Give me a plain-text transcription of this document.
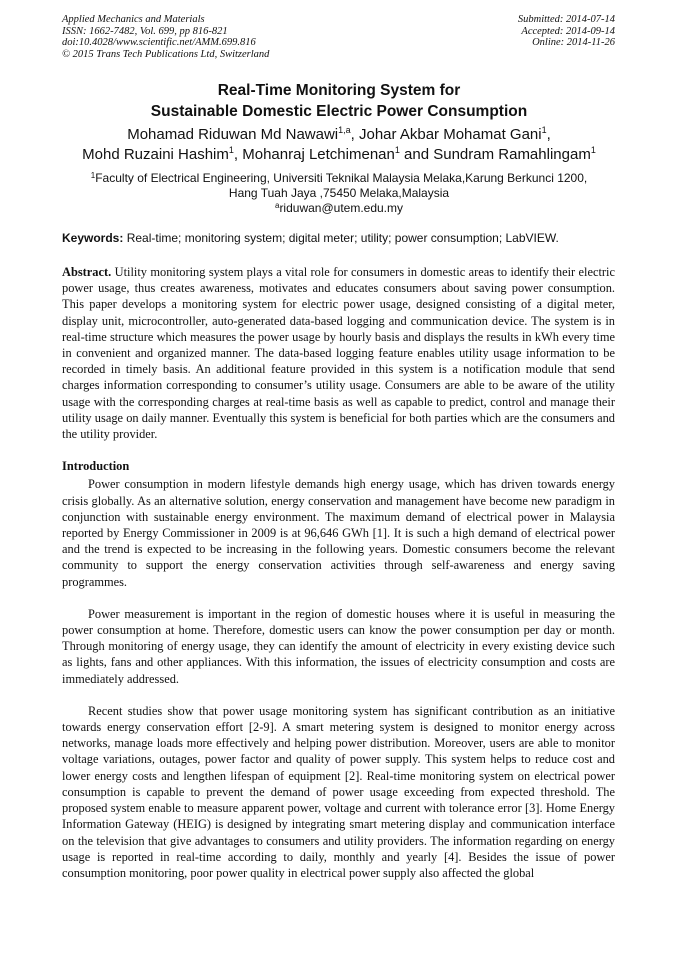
Applied Mechanics and Materials
ISSN: 1662-7482, Vol. 699, pp 816-821
doi:10.4028/www.scientific.net/AMM.699.816
© 2015 Trans Tech Publications Ltd, Switzerland
Submitted: 2014-07-14
Accepted: 2014-09-14
Online: 2014-11-26
Real-Time Monitoring System for
Sustainable Domestic Electric Power Consumption
Mohamad Riduwan Md Nawawi$^{1,a}$, Johar Akbar Mohamat Gani$^1$,
Mohd Ruzaini Hashim$^1$, Mohanraj Letchimenan$^1$ and Sundram Ramahlingam$^1$
$^1$Faculty of Electrical Engineering, Universiti Teknikal Malaysia Melaka,Karung Berkunci 1200,
Hang Tuah Jaya ,75450 Melaka,Malaysia
$^a$riduwan@utem.edu.my
Keywords: Real-time; monitoring system; digital meter; utility; power consumption; LabVIEW.

Abstract. Utility monitoring system plays a vital role for consumers in domestic areas to identify their electric power usage, thus creates awareness, motivates and educates consumers about saving power consumption. This paper develops a monitoring system for electric power usage, designed consisting of a digital meter, display unit, microcontroller, auto-generated data-based logging and communication device. The system is in real-time structure which measures the power usage by hourly basis and displays the results in kWh every time in convenient and organized manner. The data-based logging feature enables utility usage information to be recorded in timely basis. An additional feature provided in this system is a notification module that send charges information corresponding to consumer’s utility usage. Consumers are able to be aware of the utility usage with the corresponding charges at real-time basis as well as capable to predict, control and manage their utility usage on daily manner. Eventually this system is beneficial for both parties which are the consumers and the utility provider.

Introduction

Power consumption in modern lifestyle demands high energy usage, which has driven towards energy crisis globally. As an alternative solution, energy conservation and management have become new paradigm in conjunction with sustainable energy environment. The maximum demand of electrical power in Malaysia reported by Energy Commissioner in 2009 is at 96,646 GWh [1]. It is such a high demand of electrical power and the trend is expected to be increasing in the following years. Domestic consumers become the relevant community to support the energy conservation activities through self-awareness and energy saving programmes.

Power measurement is important in the region of domestic houses where it is useful in measuring the power consumption at home. Therefore, domestic users can know the power consumption per day or month. Through monitoring of energy usage, they can identify the amount of electricity in every existing device such as lights, fans and other appliances. With this information, the issues of electricity consumption and costs are immediately addressed.

Recent studies show that power usage monitoring system has significant contribution as an initiative towards energy conservation effort [2-9]. A smart metering system is designed to monitor energy across networks, manage loads more effectively and helping power distribution. Moreover, users are able to monitor voltage variations, outages, power factor and quality of power supply. This system helps to reduce cost and lower energy costs and lengthen lifespan of equipment [2]. Real-time monitoring system on electrical power consumption is capable to prevent the demand of power usage exceeding from expected threshold. The proposed system enable to measure apparent power, voltage and current with tolerance error [3]. Home Energy Information Gateway (HEIG) is designed by integrating smart metering display and communication interface on the television that give advantages to consumers and utility providers. The information regarding on energy usage is reported in real-time according to daily, monthly and yearly [4]. Besides the issue of power consumption monitoring, poor power quality in electrical power supply also affected the global
